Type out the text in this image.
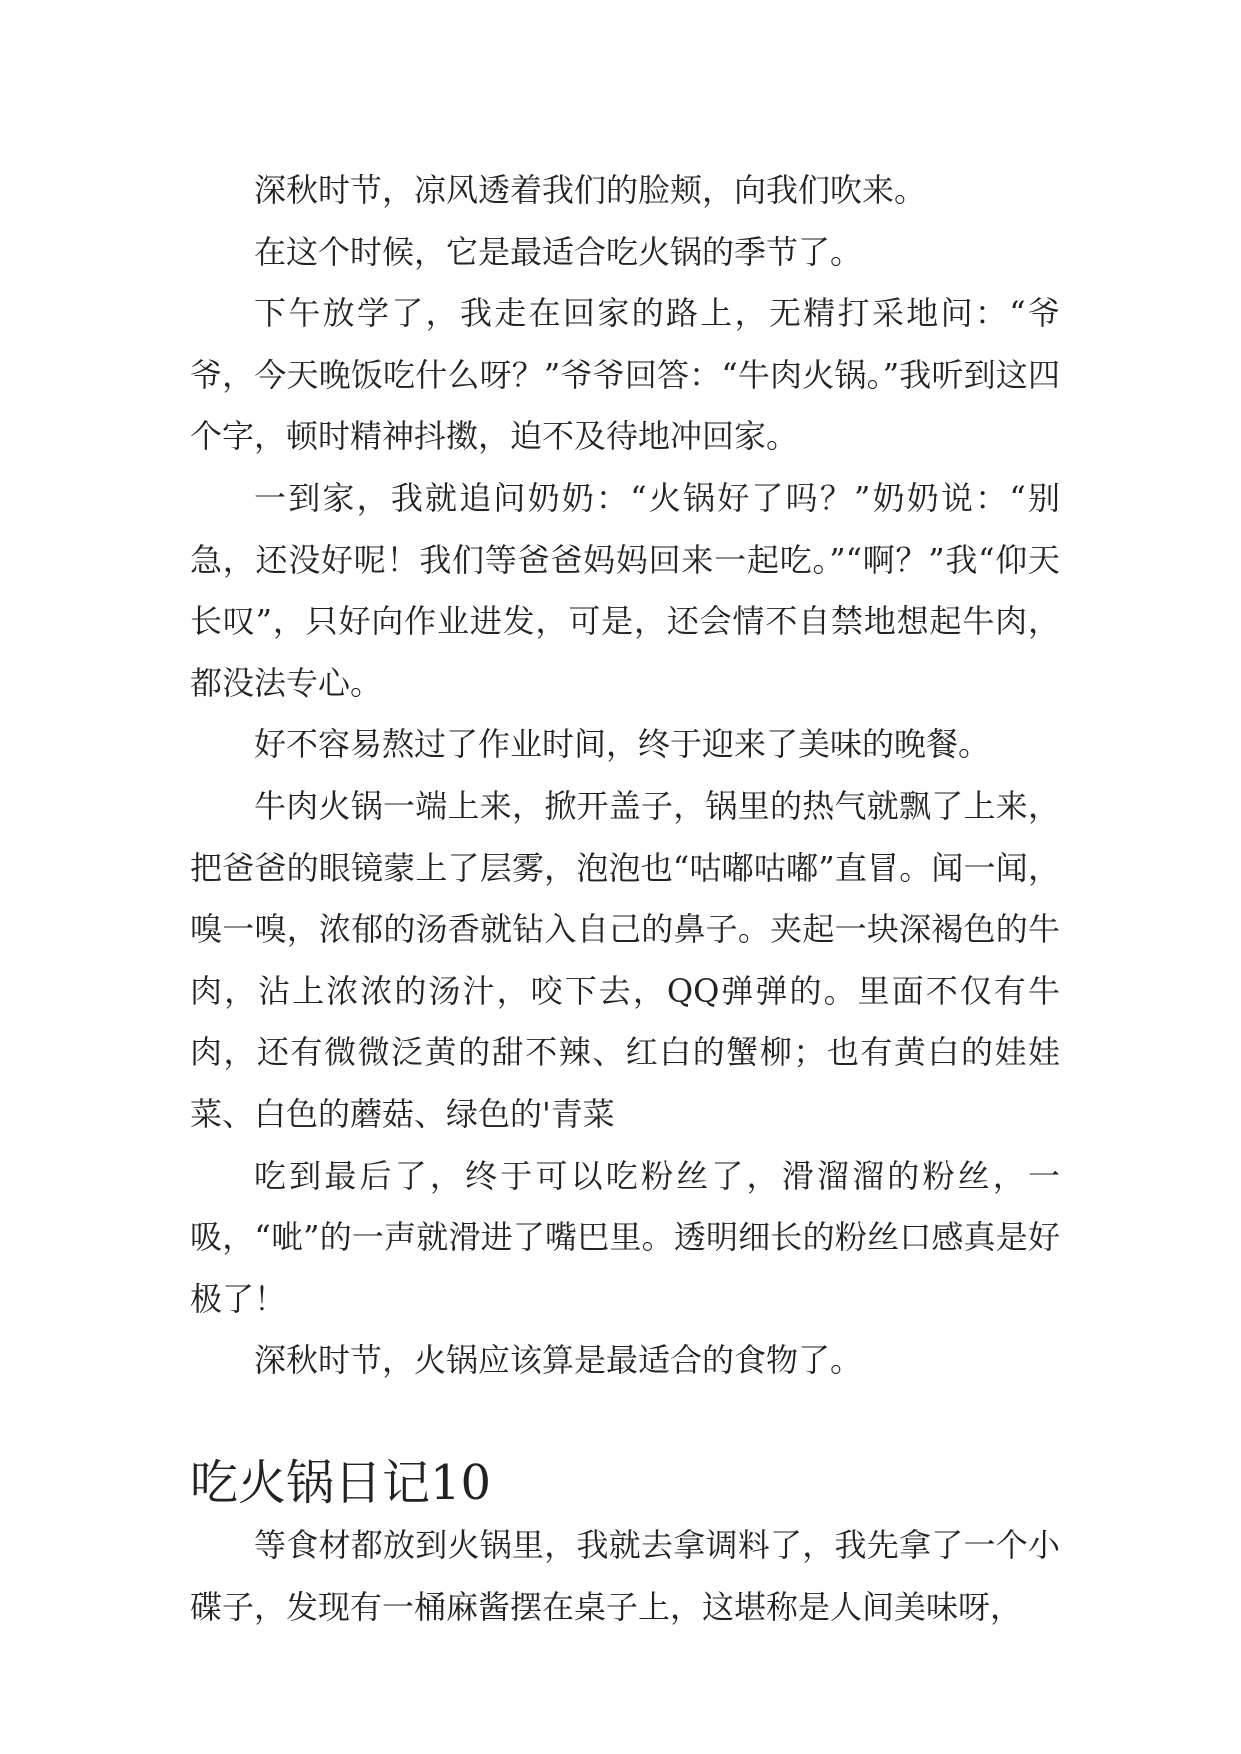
深秋时节，凉风透着我们的脸颊，向我们吹来。

在这个时候，它是最适合吃火锅的季节了。

下午放学了，我走在回家的路上，无精打采地问：“爷爷，今天晚饭吃什么呀？”爷爷回答：“牛肉火锅。”我听到这四个字，顿时精神抖擞，迫不及待地冲回家。

一到家，我就追问奶奶：“火锅好了吗？”奶奶说：“别急，还没好呢！我们等爸爸妈妈回来一起吃。”“啊？”我“仰天长叹”，只好向作业进发，可是，还会情不自禁地想起牛肉，都没法专心。

好不容易熬过了作业时间，终于迎来了美味的晚餐。

牛肉火锅一端上来，掀开盖子，锅里的热气就飘了上来，把爸爸的眼镜蒙上了层雾，泡泡也“咕嘟咕嘟”直冒。闻一闻，嗅一嗅，浓郁的汤香就钻入自己的鼻子。夹起一块深褐色的牛肉，沾上浓浓的汤汁，咬下去，QQ弹弹的。里面不仅有牛肉，还有微微泛黄的甜不辣、红白的蟹柳；也有黄白的娃娃菜、白色的蘑菇、绿色的'青菜

吃到最后了，终于可以吃粉丝了，滑溜溜的粉丝，一吸，“呲”的一声就滑进了嘴巴里。透明细长的粉丝口感真是好极了！

深秋时节，火锅应该算是最适合的食物了。

吃火锅日记10

等食材都放到火锅里，我就去拿调料了，我先拿了一个小碟子，发现有一桶麻酱摆在桌子上，这堪称是人间美味呀，
